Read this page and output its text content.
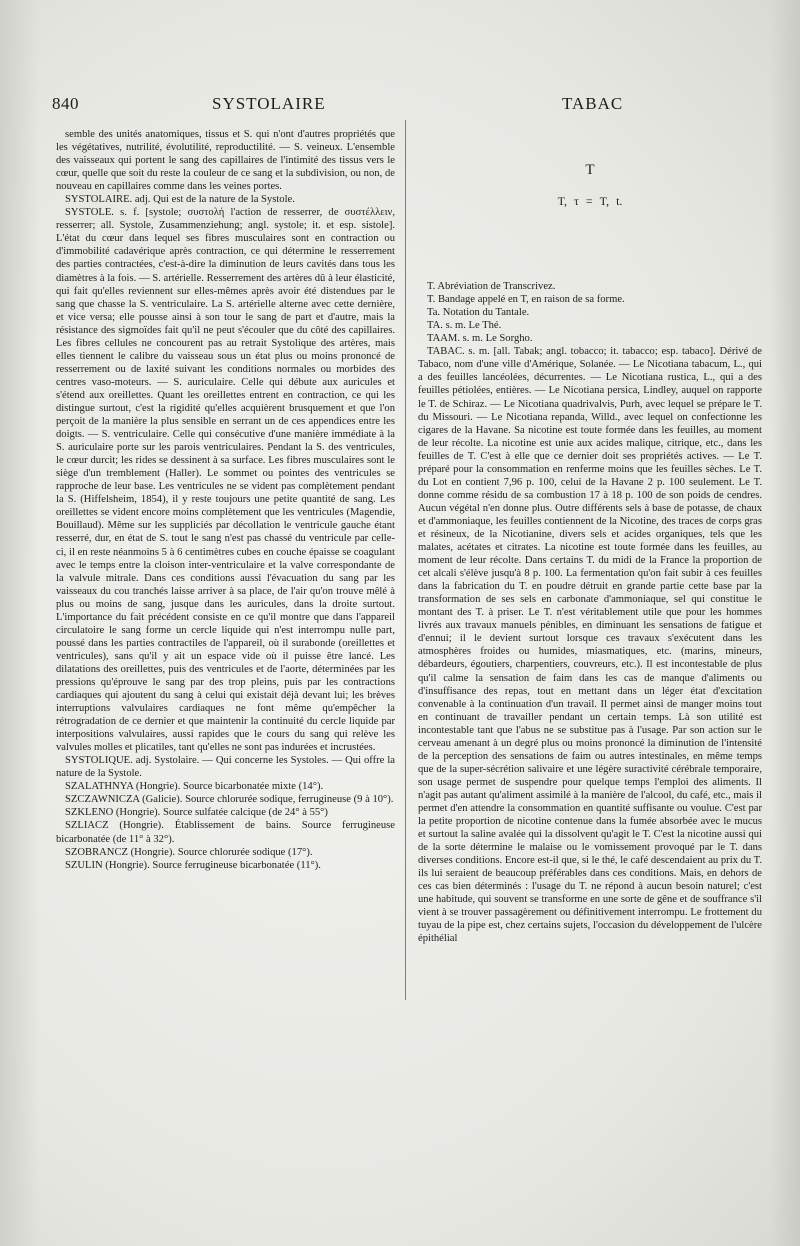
840	SYSTOLAIRE	TABAC

semble des unités anatomiques, tissus et S. qui n'ont d'autres propriétés que les végétatives, nutrilité, évolutilité, reproductilité. — S. veineux. L'ensemble des vaisseaux qui portent le sang des capillaires de l'intimité des tissus vers le cœur, quelle que soit du reste la couleur de ce sang et la subdivision, ou non, de nouveau en capillaires comme dans les veines portes.

SYSTOLAIRE. adj. Qui est de la nature de la Systole.

SYSTOLE. s. f. [systole; συστολή l'action de resserrer, de συστέλλειν, resserrer; all. Systole, Zusammenziehung; angl. systole; it. et esp. sistole]. L'état du cœur dans lequel ses fibres musculaires sont en contraction ou d'immobilité cadavérique après contraction, ce qui détermine le resserrement des parties contractées, c'est-à-dire la diminution de leurs cavités dans tous les diamètres à la fois. — S. artérielle. Resserrement des artères dû à leur élasticité, qui fait qu'elles reviennent sur elles-mêmes après avoir été distendues par le sang que chasse la S. ventriculaire. La S. artérielle alterne avec cette dernière, et vice versa; elle pousse ainsi à son tour le sang de part et d'autre, mais la résistance des sigmoïdes fait qu'il ne peut s'écouler que du côté des capillaires. Les fibres cellules ne concourent pas au retrait Systolique des artères, mais elles tiennent le calibre du vaisseau sous un état plus ou moins prononcé de resserrement ou de laxité suivant les conditions normales ou morbides des centres vaso-moteurs. — S. auriculaire. Celle qui débute aux auricules et s'étend aux oreillettes. Quant les oreillettes entrent en contraction, ce qui les distingue surtout, c'est la rigidité qu'elles acquièrent brusquement et que l'on perçoit de la manière la plus sensible en serrant un de ces appendices entre les doigts. — S. ventriculaire. Celle qui consécutive d'une manière immédiate à la S. auriculaire porte sur les parois ventriculaires. Pendant la S. des ventricules, le cœur durcit; les rides se dessinent à sa surface. Les fibres musculaires sont le siège d'un tremblement (Haller). Le sommet ou pointes des ventricules se rapproche de leur base. Les ventricules ne se vident pas complètement pendant la S. (Hiffelsheim, 1854), il y reste toujours une petite quantité de sang. Les oreillettes se vident encore moins complètement que les ventricules (Magendie, Bouillaud). Même sur les suppliciés par décollation le ventricule gauche étant resserré, dur, en état de S. tout le sang n'est pas chassé du ventricule par celle-ci, il en reste néanmoins 5 à 6 centimètres cubes en couche épaisse se coagulant avec le temps entre la cloison inter-ventriculaire et la valve correspondante de la valvule mitrale. Dans ces conditions aussi l'évacuation du sang par les vaisseaux du cou tranchés laisse arriver à sa place, de l'air qu'on trouve mêlé à plus ou moins de sang, jusque dans les auricules, dans la droite surtout. L'importance du fait précédent consiste en ce qu'il montre que dans l'appareil circulatoire le sang forme un cercle liquide qui n'est interrompu nulle part, poussé dans les parties contractiles de l'appareil, où il surabonde (oreillettes et ventricules), sans qu'il y ait un espace vide où il puisse être lancé. Les dilatations des oreillettes, puis des ventricules et de l'aorte, déterminées par les pressions qu'éprouve le sang par des trop pleins, puis par les contractions cardiaques qui ajoutent du sang à celui qui existait déjà devant lui; les brèves interruptions valvulaires cardiaques ne font même qu'empêcher la rétrogradation de ce dernier et que maintenir la continuité du cercle liquide par interpositions valvulaires, aussi rapides que le cours du sang qui relève les valvules molles et plicatiles, tant qu'elles ne sont pas indurées et incrustées.

SYSTOLIQUE. adj. Systolaire. — Qui concerne les Systoles. — Qui offre la nature de la Systole.

SZALATHNYA (Hongrie). Source bicarbonatée mixte (14°).

SZCZAWNICZA (Galicie). Source chlorurée sodique, ferrugineuse (9 à 10°).

SZKLENO (Hongrie). Source sulfatée calcique (de 24° à 55°)

SZLIACZ (Hongrie). Établissement de bains. Source ferrugineuse bicarbonatée (de 11° à 32°).

SZOBRANCZ (Hongrie). Source chlorurée sodique (17°).

SZULIN (Hongrie). Source ferrugineuse bicarbonatée (11°).

T

T, τ = T, t.

T. Abréviation de Transcrivez.

T. Bandage appelé en T, en raison de sa forme.

Ta. Notation du Tantale.

TA. s. m. Le Thé.

TAAM. s. m. Le Sorgho.

TABAC. s. m. [all. Tabak; angl. tobacco; it. tabacco; esp. tabaco]. Dérivé de Tabaco, nom d'une ville d'Amérique, Solanée. — Le Nicotiana tabacum, L., qui a des feuilles lancéolées, décurrentes. — Le Nicotiana rustica, L., qui a des feuilles pétiolées, entières. — Le Nicotiana persica, Lindley, auquel on rapporte le T. de Schiraz. — Le Nicotiana quadrivalvis, Purh, avec lequel se prépare le T. du Missouri. — Le Nicotiana repanda, Willd., avec lequel on confectionne les cigares de la Havane. Sa nicotine est toute formée dans les feuilles, au moment de leur récolte. La nicotine est unie aux acides malique, citrique, etc., dans les feuilles de T. C'est à elle que ce dernier doit ses propriétés actives. — Le T. préparé pour la consommation en renferme moins que les feuilles sèches. Le T. du Lot en contient 7,96 p. 100, celui de la Havane 2 p. 100 seulement. Le T. donne comme résidu de sa combustion 17 à 18 p. 100 de son poids de cendres. Aucun végétal n'en donne plus. Outre différents sels à base de potasse, de chaux et d'ammoniaque, les feuilles contiennent de la Nicotine, des traces de corps gras et résineux, de la Nicotianine, divers sels et acides organiques, tels que les malates, acétates et citrates. La nicotine est toute formée dans les feuilles, au moment de leur récolte. Dans certains T. du midi de la France la proportion de cet alcali s'élève jusqu'à 8 p. 100. La fermentation qu'on fait subir à ces feuilles dans la fabrication du T. en poudre détruit en grande partie cette base par la transformation de ses sels en carbonate d'ammoniaque, sel qui constitue le montant des T. à priser. Le T. n'est véritablement utile que pour les hommes livrés aux travaux manuels pénibles, en diminuant les sensations de fatigue et d'ennui; il le devient surtout lorsque ces travaux s'exécutent dans les atmosphères froides ou humides, miasmatiques, etc. (marins, mineurs, débardeurs, égoutiers, charpentiers, couvreurs, etc.). Il est incontestable de plus qu'il calme la sensation de faim dans les cas de manque d'aliments ou d'insuffisance des repas, tout en mettant dans un léger état d'excitation convenable à la continuation d'un travail. Il permet ainsi de manger moins tout en continuant de travailler pendant un certain temps. Là son utilité est incontestable tant que l'abus ne se substitue pas à l'usage. Par son action sur le cerveau amenant à un degré plus ou moins prononcé la diminution de l'intensité de la perception des sensations de faim ou autres intestinales, en même temps que de la super-sécrétion salivaire et une légère suractivité cérébrale temporaire, son usage permet de suspendre pour quelque temps l'emploi des aliments. Il n'agit pas autant qu'aliment assimilé à la manière de l'alcool, du café, etc., mais il permet d'en attendre la consommation en quantité suffisante ou voulue. C'est par la petite proportion de nicotine contenue dans la fumée absorbée avec le mucus et surtout la saline avalée qui la dissolvent qu'agit le T. C'est la nicotine aussi qui de la sorte détermine le malaise ou le vomissement provoqué par le T. dans diverses conditions. Encore est-il que, si le thé, le café descendaient au prix du T. ils lui seraient de beaucoup préférables dans ces conditions. Mais, en dehors de ces cas bien déterminés : l'usage du T. ne répond à aucun besoin naturel; c'est une habitude, qui souvent se transforme en une sorte de gêne et de souffrance s'il vient à se trouver passagèrement ou définitivement interrompu. Le frottement du tuyau de la pipe est, chez certains sujets, l'occasion du développement de l'ulcère épithélial
